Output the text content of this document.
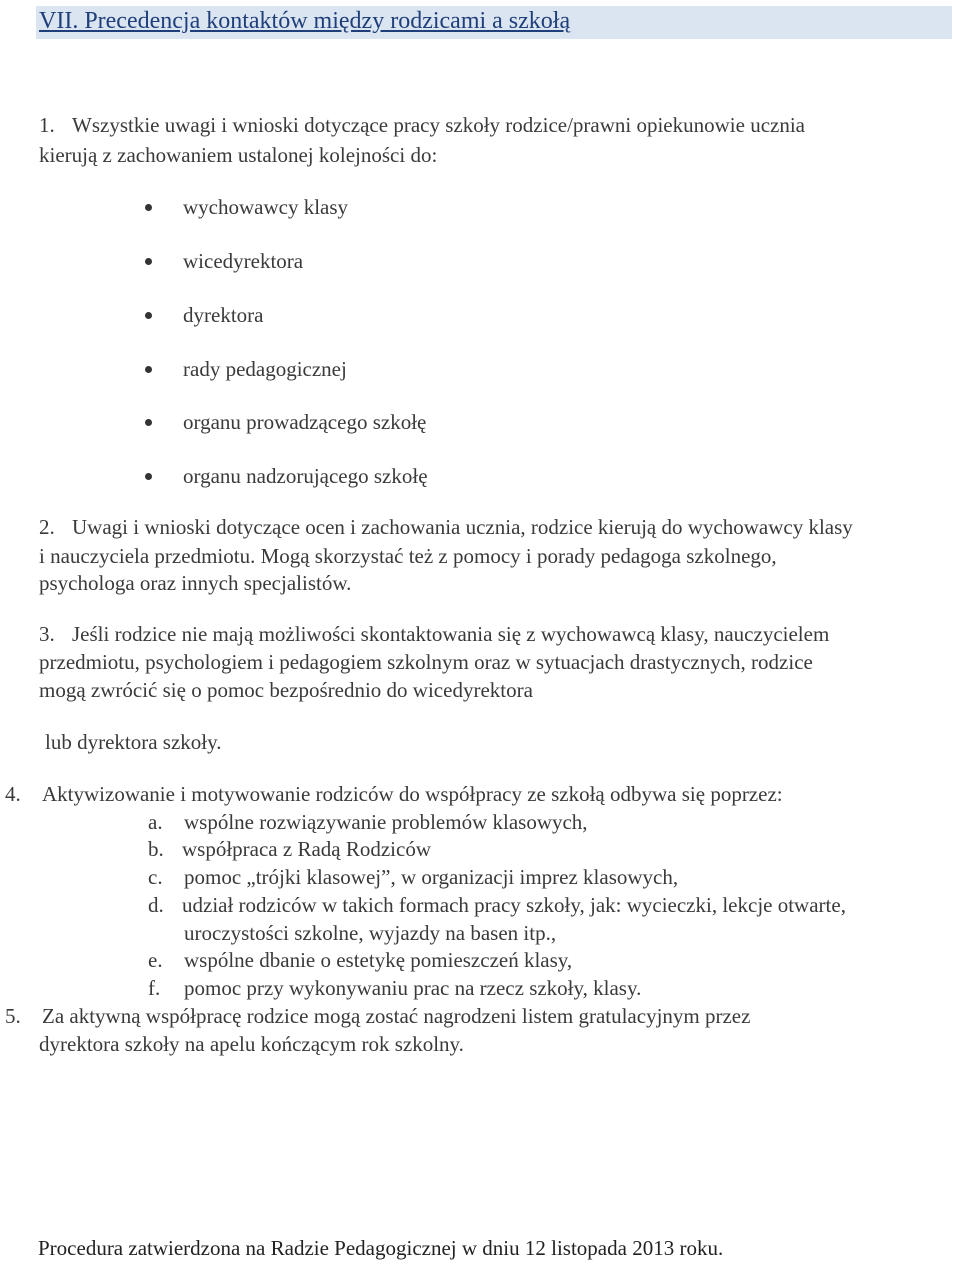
VII. Precedencja kontaktów między rodzicami a szkołą
1. Wszystkie uwagi i wnioski dotyczące pracy szkoły rodzice/prawni opiekunowie ucznia
kierują z zachowaniem ustalonej kolejności do:
wychowawcy klasy
wicedyrektora
dyrektora
rady pedagogicznej
organu prowadzącego szkołę
organu nadzorującego szkołę
2. Uwagi i wnioski dotyczące ocen i zachowania ucznia, rodzice kierują do wychowawcy klasy
i nauczyciela przedmiotu. Mogą skorzystać też z pomocy i porady pedagoga szkolnego,
psychologa oraz innych specjalistów.
3. Jeśli rodzice nie mają możliwości skontaktowania się z wychowawcą klasy, nauczycielem
przedmiotu, psychologiem i pedagogiem szkolnym oraz w sytuacjach drastycznych, rodzice
mogą zwrócić się o pomoc bezpośrednio do wicedyrektora
lub dyrektora szkoły.
4. Aktywizowanie i motywowanie rodziców do współpracy ze szkołą odbywa się poprzez:
a. wspólne rozwiązywanie problemów klasowych,
b. współpraca z Radą Rodziców
c. pomoc „trójki klasowej”, w organizacji imprez klasowych,
d. udział rodziców w takich formach pracy szkoły, jak: wycieczki, lekcje otwarte,
uroczystości szkolne, wyjazdy na basen itp.,
e. wspólne dbanie o estetykę pomieszczeń klasy,
f. pomoc przy wykonywaniu prac na rzecz szkoły, klasy.
5. Za aktywną współpracę rodzice mogą zostać nagrodzeni listem gratulacyjnym przez
dyrektora szkoły na apelu kończącym rok szkolny.
Procedura zatwierdzona na Radzie Pedagogicznej w dniu 12 listopada 2013 roku.
